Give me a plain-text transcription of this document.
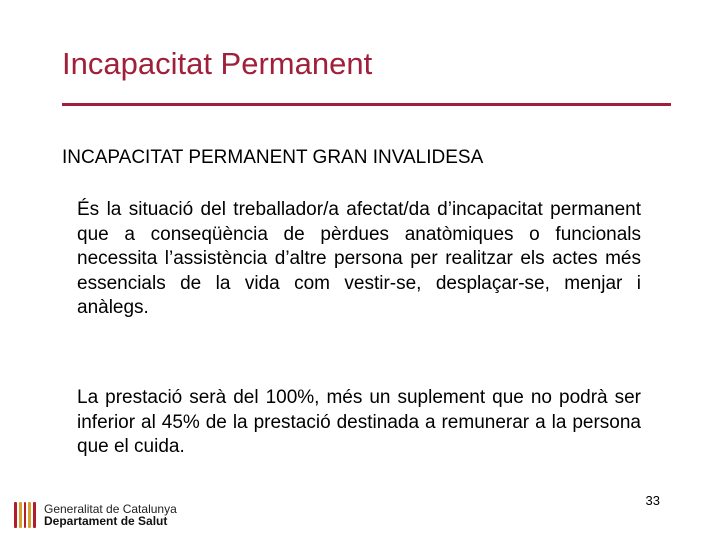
Incapacitat Permanent
INCAPACITAT PERMANENT GRAN INVALIDESA
És la situació del treballador/a afectat/da d’incapacitat permanent que a conseqüència de pèrdues anatòmiques o funcionals necessita l’assistència d’altre persona per realitzar els actes més essencials de la vida com vestir-se, desplaçar-se, menjar i anàlegs.
La prestació serà del 100%, més un suplement que no podrà ser inferior al 45% de la prestació destinada a remunerar a la persona que el cuida.
Generalitat de Catalunya
Departament de Salut
33
